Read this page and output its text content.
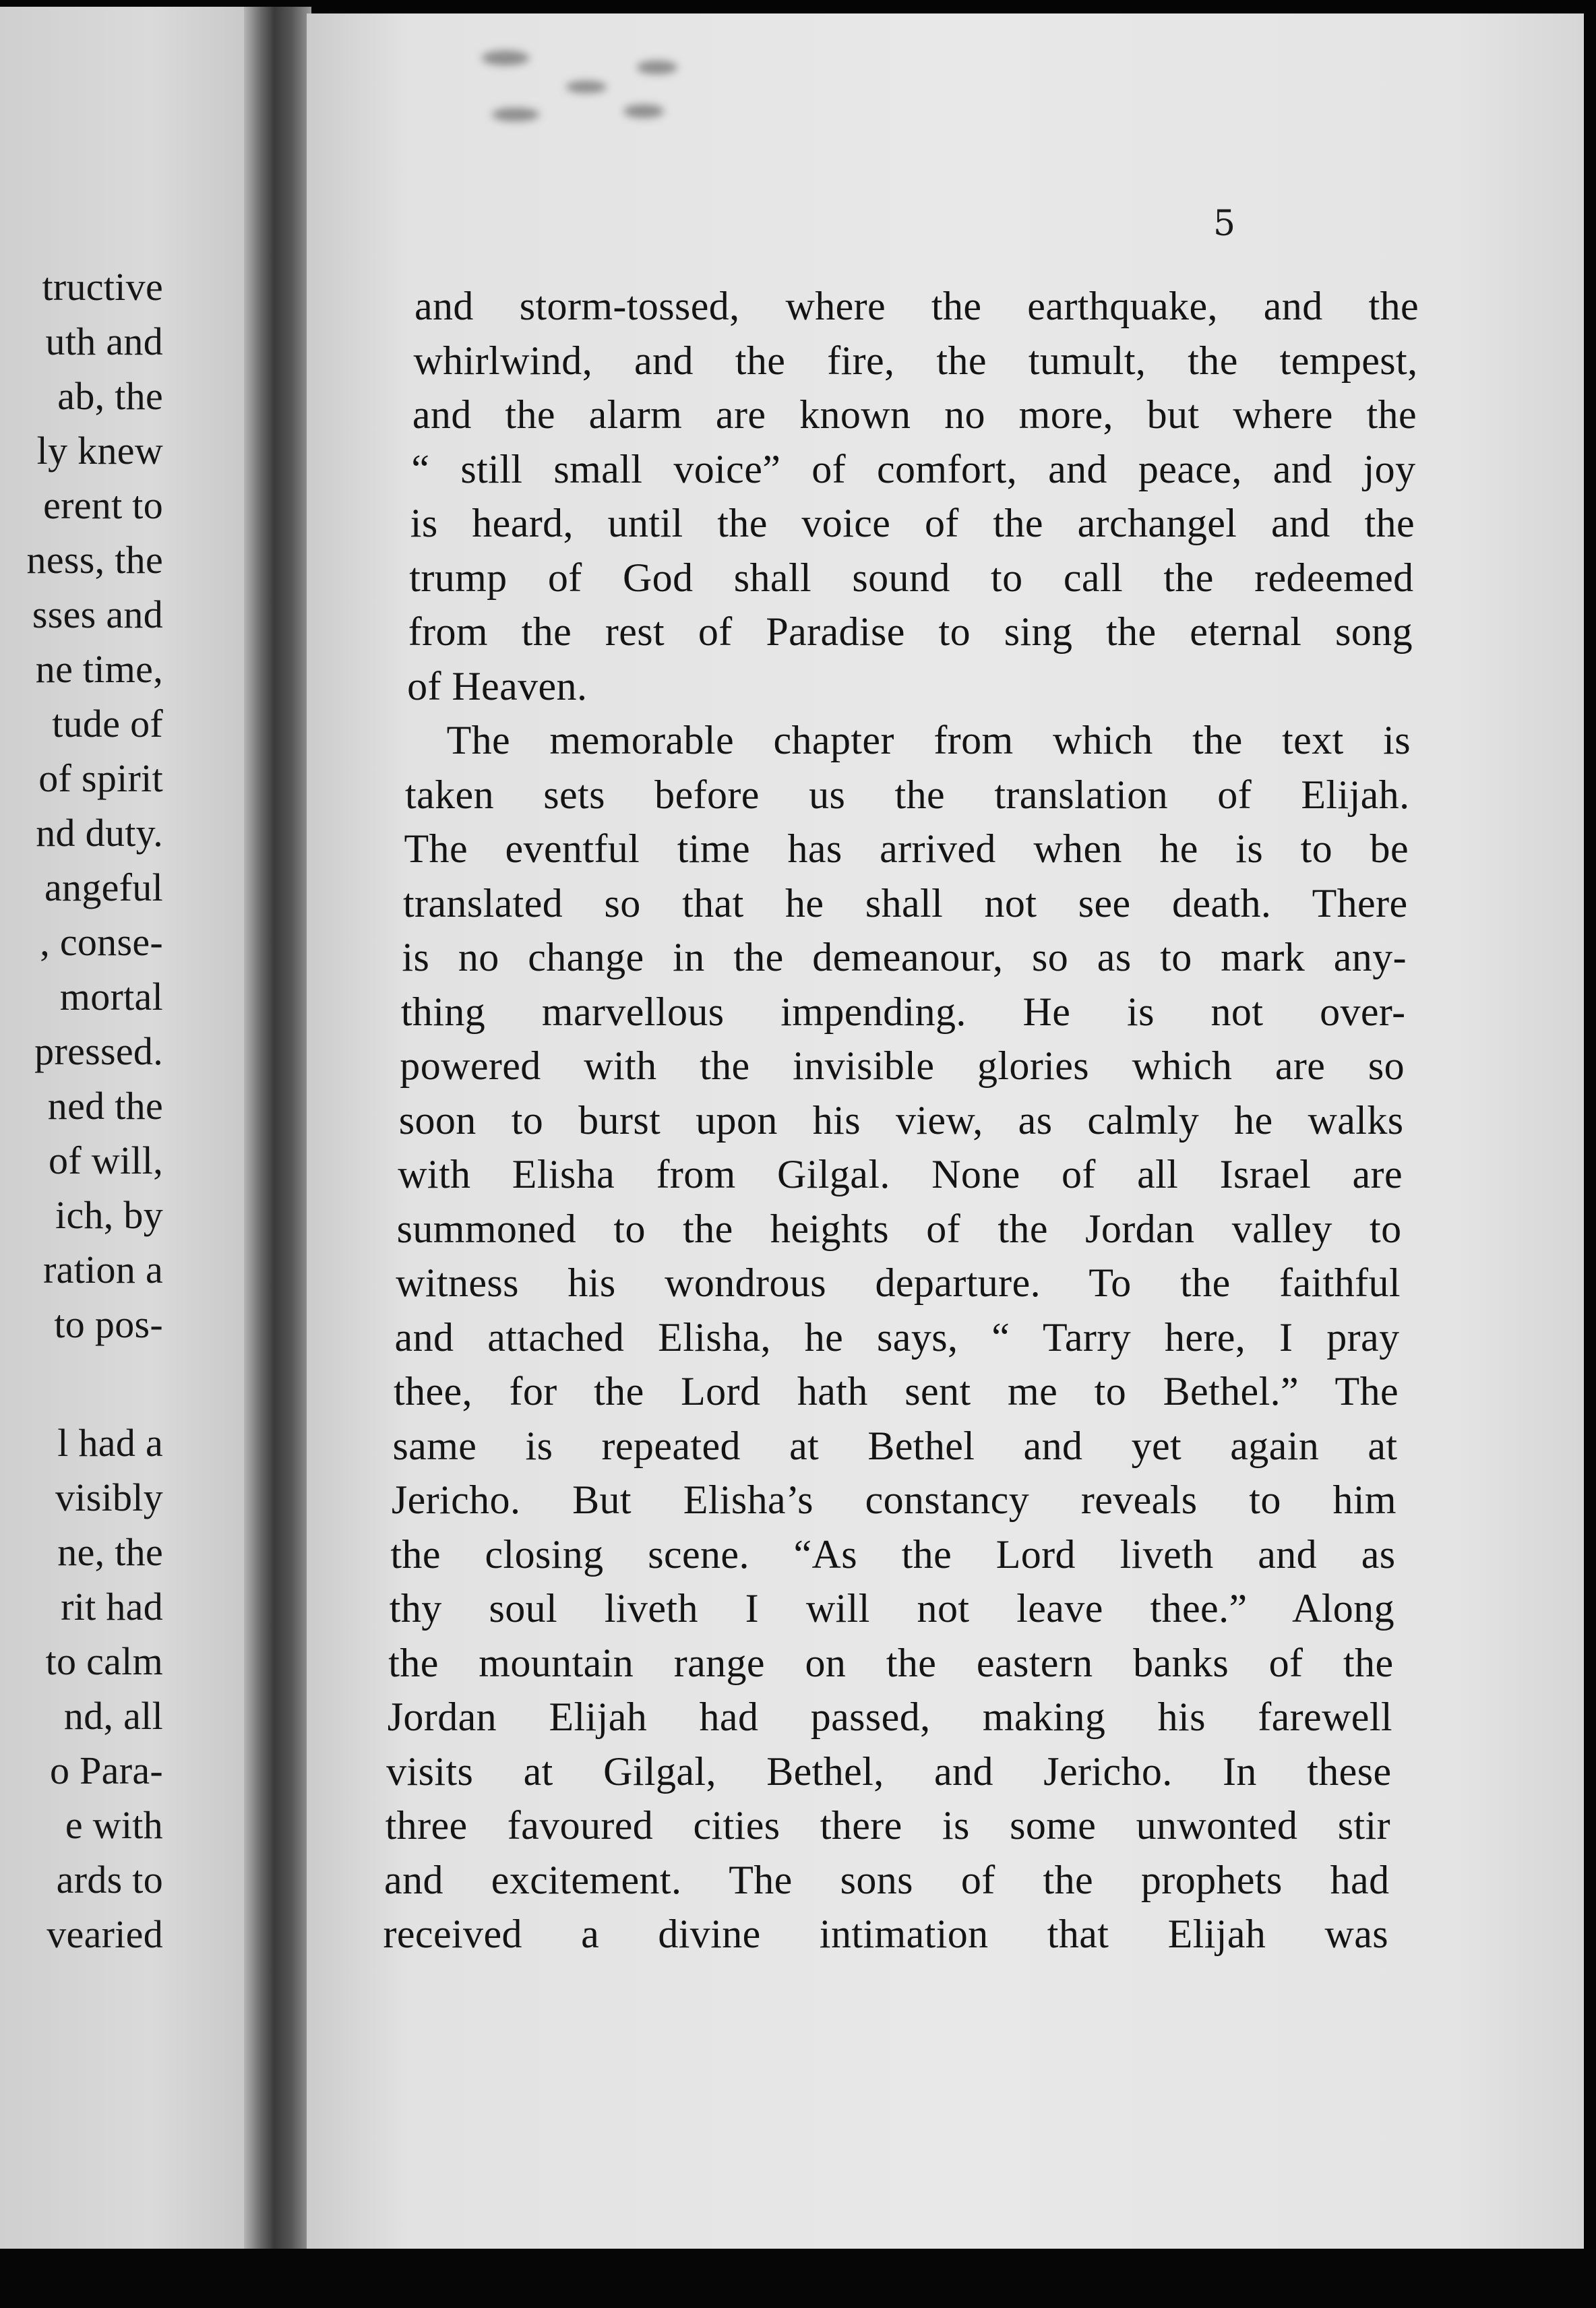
tructive
uth and
ab, the
ly knew
erent to
ness, the
sses and
ne time,
tude of
of spirit
nd duty.
angeful
, conse-
mortal
pressed.
ned the
of will,
ich, by
ration a
to pos-
l had a
visibly
ne, the
rit had
to calm
nd, all
o Para-
e with
ards to
vearied
5
and storm-tossed, where the earthquake, and the
whirlwind, and the fire, the tumult, the tempest,
and the alarm are known no more, but where the
“ still small voice” of comfort, and peace, and joy
is heard, until the voice of the archangel and the
trump of God shall sound to call the redeemed
from the rest of Paradise to sing the eternal song
of Heaven.
The memorable chapter from which the text is
taken sets before us the translation of Elijah.
The eventful time has arrived when he is to be
translated so that he shall not see death. There
is no change in the demeanour, so as to mark any-
thing marvellous impending. He is not over-
powered with the invisible glories which are so
soon to burst upon his view, as calmly he walks
with Elisha from Gilgal. None of all Israel are
summoned to the heights of the Jordan valley to
witness his wondrous departure. To the faithful
and attached Elisha, he says, “ Tarry here, I pray
thee, for the Lord hath sent me to Bethel.” The
same is repeated at Bethel and yet again at
Jericho. But Elisha’s constancy reveals to him
the closing scene. “As the Lord liveth and as
thy soul liveth I will not leave thee.” Along
the mountain range on the eastern banks of the
Jordan Elijah had passed, making his farewell
visits at Gilgal, Bethel, and Jericho. In these
three favoured cities there is some unwonted stir
and excitement. The sons of the prophets had
received a divine intimation that Elijah was
